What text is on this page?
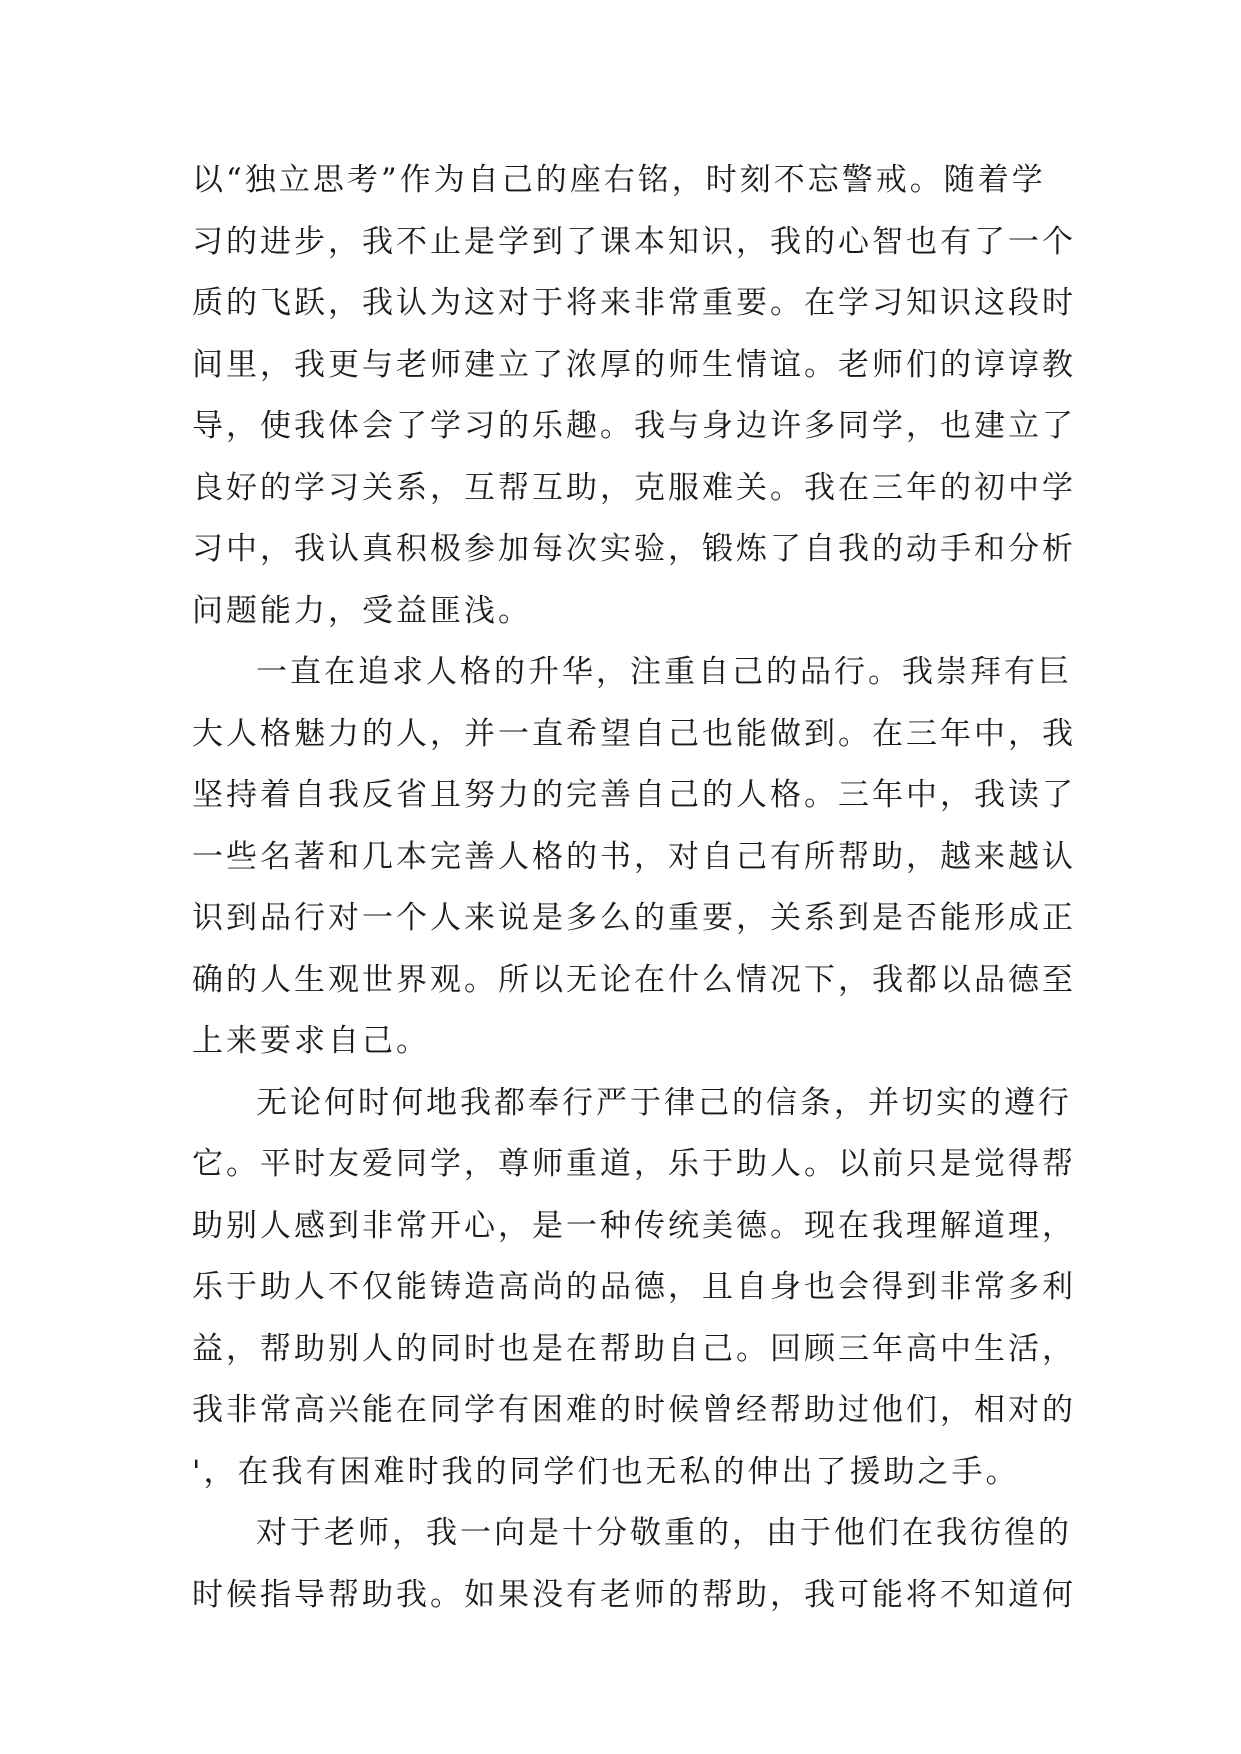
以“独立思考”作为自己的座右铭，时刻不忘警戒。随着学
习的进步，我不止是学到了课本知识，我的心智也有了一个
质的飞跃，我认为这对于将来非常重要。在学习知识这段时
间里，我更与老师建立了浓厚的师生情谊。老师们的谆谆教
导，使我体会了学习的乐趣。我与身边许多同学，也建立了
良好的学习关系，互帮互助，克服难关。我在三年的初中学
习中，我认真积极参加每次实验，锻炼了自我的动手和分析
问题能力，受益匪浅。
一直在追求人格的升华，注重自己的品行。我崇拜有巨
大人格魅力的人，并一直希望自己也能做到。在三年中，我
坚持着自我反省且努力的完善自己的人格。三年中，我读了
一些名著和几本完善人格的书，对自己有所帮助，越来越认
识到品行对一个人来说是多么的重要，关系到是否能形成正
确的人生观世界观。所以无论在什么情况下，我都以品德至
上来要求自己。
无论何时何地我都奉行严于律己的信条，并切实的遵行
它。平时友爱同学，尊师重道，乐于助人。以前只是觉得帮
助别人感到非常开心，是一种传统美德。现在我理解道理，
乐于助人不仅能铸造高尚的品德，且自身也会得到非常多利
益，帮助别人的同时也是在帮助自己。回顾三年高中生活，
我非常高兴能在同学有困难的时候曾经帮助过他们，相对的
'，在我有困难时我的同学们也无私的伸出了援助之手。
对于老师，我一向是十分敬重的，由于他们在我彷徨的
时候指导帮助我。如果没有老师的帮助，我可能将不知道何
